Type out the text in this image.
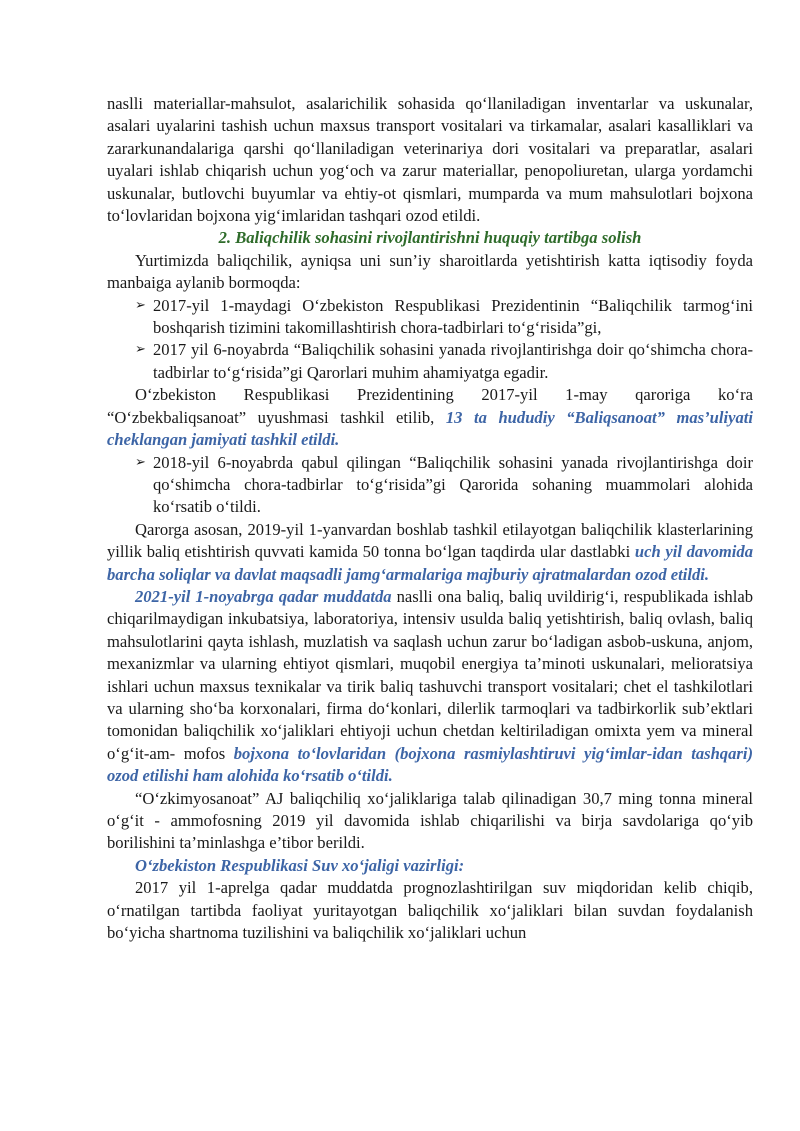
naslli materiallar-mahsulot, asalarichilik sohasida qo‘llaniladigan inventarlar va uskunalar, asalari uyalarini tashish uchun maxsus transport vositalari va tirkamalar, asalari kasalliklari va zararkunandalariga qarshi qo‘llaniladigan veterinariya dori vositalari va preparatlar, asalari uyalari ishlab chiqarish uchun yog‘och va zarur materiallar, penopoliuretan, ularga yordamchi uskunalar, butlovchi buyumlar va ehtiy-ot qismlari, mumparda va mum mahsulotlari bojxona to‘lovlaridan bojxona yig‘imlaridan tashqari ozod etildi.

2. Baliqchilik sohasini rivojlantirishni huquqiy tartibga solish

Yurtimizda baliqchilik, ayniqsa uni sun’iy sharoitlarda yetishtirish katta iqtisodiy foyda manbaiga aylanib bormoqda:

➢ 2017-yil 1-maydagi O‘zbekiston Respublikasi Prezidentinin “Baliqchilik tarmog‘ini boshqarish tizimini takomillashtirish chora-tadbirlari to‘g‘risida”gi,
➢ 2017 yil 6-noyabrda “Baliqchilik sohasini yanada rivojlantirishga doir qo‘shimcha chora-tadbirlar to‘g‘risida”gi Qarorlari muhim ahamiyatga egadir.

O‘zbekiston Respublikasi Prezidentining 2017-yil 1-may qaroriga ko‘ra “O‘zbekbaliqsanoat” uyushmasi tashkil etilib, 13 ta hududiy “Baliqsanoat” mas’uliyati cheklangan jamiyati tashkil etildi.

➢ 2018-yil 6-noyabrda qabul qilingan “Baliqchilik sohasini yanada rivojlantirishga doir qo‘shimcha chora-tadbirlar to‘g‘risida”gi Qarorida sohaning muammolari alohida ko‘rsatib o‘tildi.

Qarorga asosan, 2019-yil 1-yanvardan boshlab tashkil etilayotgan baliqchilik klasterlarining yillik baliq etishtirish quvvati kamida 50 tonna bo‘lgan taqdirda ular dastlabki uch yil davomida barcha soliqlar va davlat maqsadli jamg‘armalariga majburiy ajratmalardan ozod etildi.

2021-yil 1-noyabrga qadar muddatda naslli ona baliq, baliq uvildirig‘i, respublikada ishlab chiqarilmaydigan inkubatsiya, laboratoriya, intensiv usulda baliq yetishtirish, baliq ovlash, baliq mahsulotlarini qayta ishlash, muzlatish va saqlash uchun zarur bo‘ladigan asbob-uskuna, anjom, mexanizmlar va ularning ehtiyot qismlari, muqobil energiya ta’minoti uskunalari, melioratsiya ishlari uchun maxsus texnikalar va tirik baliq tashuvchi transport vositalari; chet el tashkilotlari va ularning sho‘ba korxonalari, firma do‘konlari, dilerlik tarmoqlari va tadbirkorlik sub’ektlari tomonidan baliqchilik xo‘jaliklari ehtiyoji uchun chetdan keltiriladigan omixta yem va mineral o‘g‘it-am- mofos bojxona to‘lovlaridan (bojxona rasmiylashtiruvi yig‘imlar-idan tashqari) ozod etilishi ham alohida ko‘rsatib o‘tildi.

“O‘zkimyosanoat” AJ baliqchiliq xo‘jaliklariga talab qilinadigan 30,7 ming tonna mineral o‘g‘it - ammofosning 2019 yil davomida ishlab chiqarilishi va birja savdolariga qo‘yib borilishini ta’minlashga e’tibor berildi.

O‘zbekiston Respublikasi Suv xo‘jaligi vazirligi:

2017 yil 1-aprelga qadar muddatda prognozlashtirilgan suv miqdoridan kelib chiqib, o‘rnatilgan tartibda faoliyat yuritayotgan baliqchilik xo‘jaliklari bilan suvdan foydalanish bo‘yicha shartnoma tuzilishini va baliqchilik xo‘jaliklari uchun
